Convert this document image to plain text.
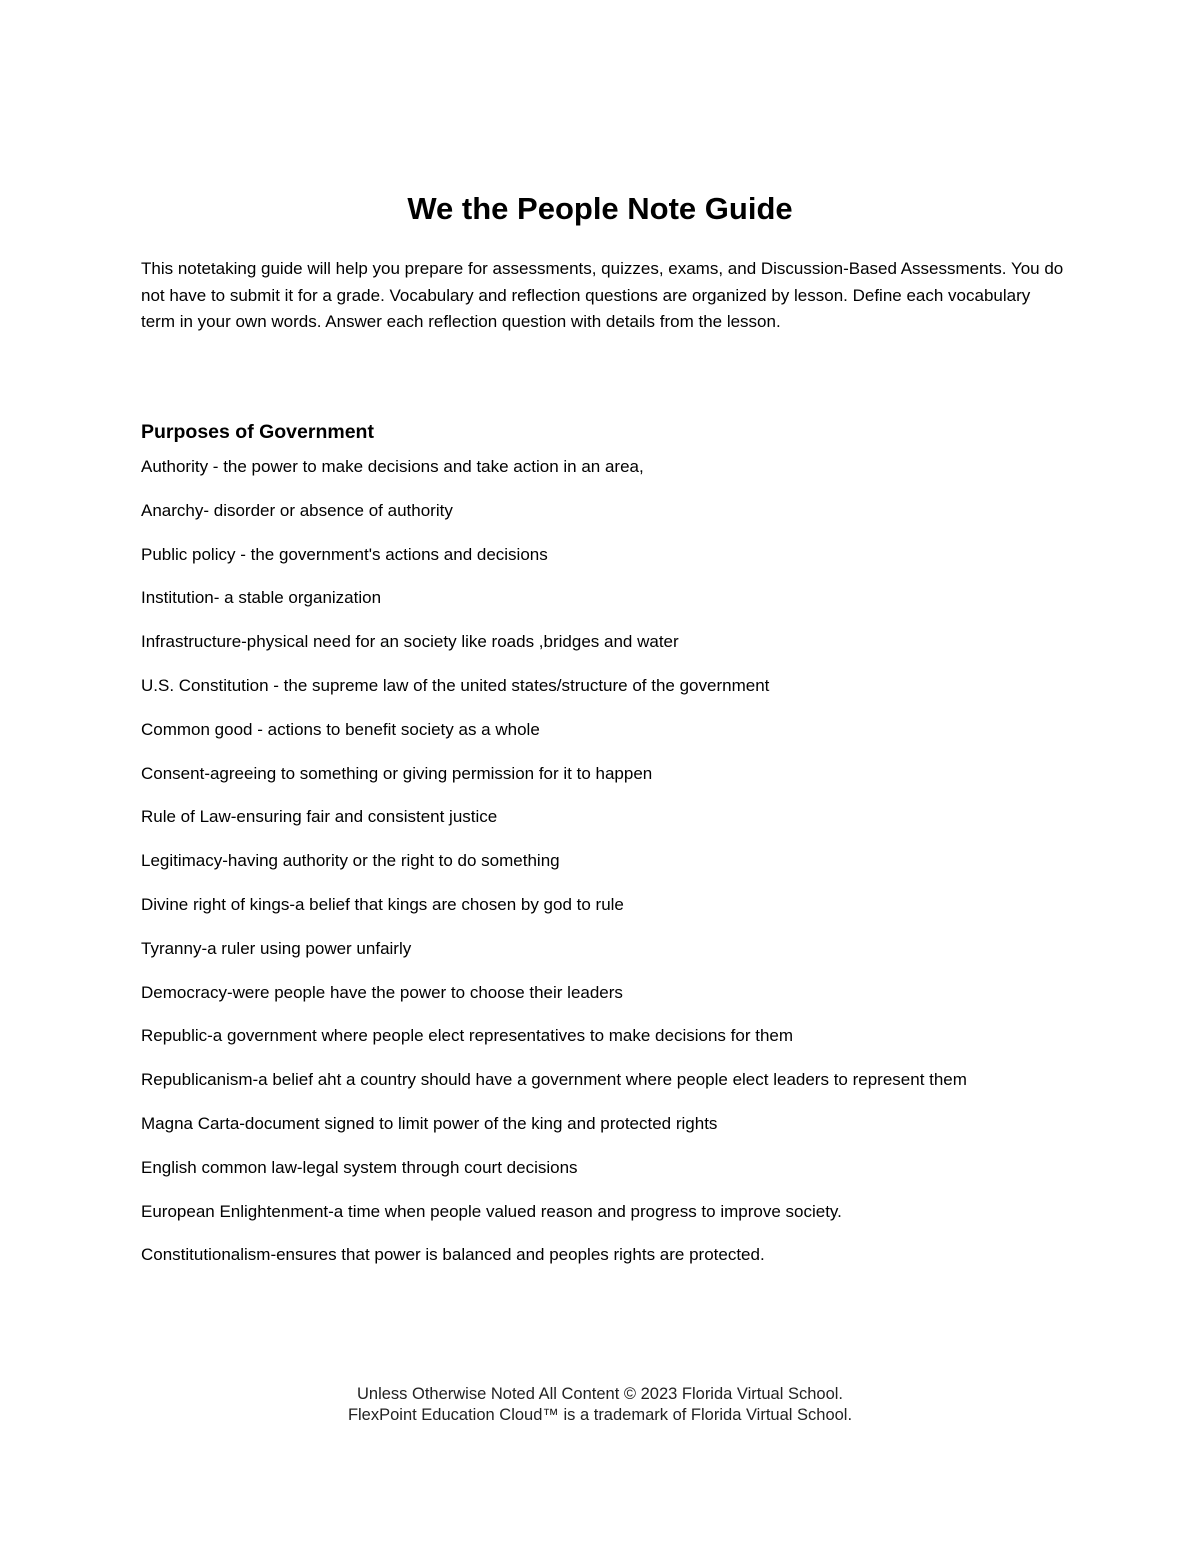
We the People Note Guide

This notetaking guide will help you prepare for assessments, quizzes, exams, and Discussion-Based Assessments. You do not have to submit it for a grade. Vocabulary and reflection questions are organized by lesson. Define each vocabulary term in your own words. Answer each reflection question with details from the lesson.

Purposes of Government
Authority - the power to make decisions and take action in an area,
Anarchy- disorder or absence of authority
Public policy - the government's actions and decisions
Institution- a stable organization
Infrastructure-physical need for an society like roads ,bridges and water
U.S. Constitution - the supreme law of the united states/structure of the government
Common good - actions to benefit society as a whole
Consent-agreeing to something or giving permission for it to happen
Rule of Law-ensuring fair and consistent justice
Legitimacy-having authority or the right to do something
Divine right of kings-a belief that kings are chosen by god to rule
Tyranny-a ruler using power unfairly
Democracy-were people have the power to choose their leaders
Republic-a government where people elect representatives to make decisions for them
Republicanism-a belief aht a country should have a government where people elect leaders to represent them
Magna Carta-document signed to limit power of the king and protected rights
English common law-legal system through court decisions
European Enlightenment-a time when people valued reason and progress to improve society.
Constitutionalism-ensures that power is balanced and peoples rights are protected.
Unless Otherwise Noted All Content © 2023 Florida Virtual School.
FlexPoint Education Cloud™ is a trademark of Florida Virtual School.
